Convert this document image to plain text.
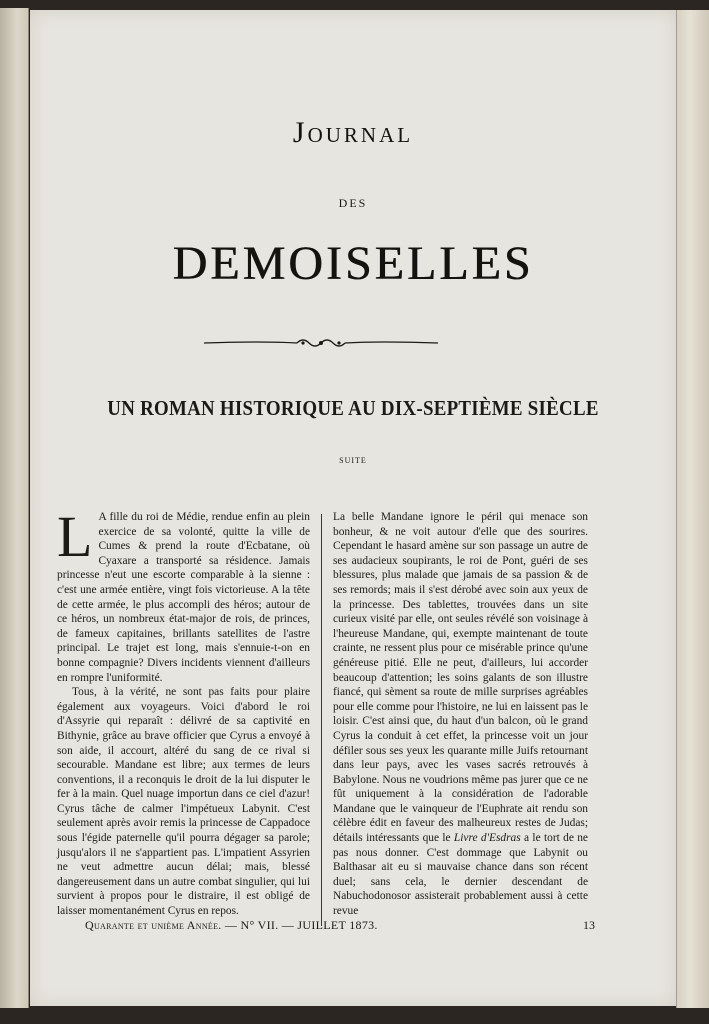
Journal
DES
DEMOISELLES
UN ROMAN HISTORIQUE AU DIX-SEPTIÈME SIÈCLE
SUITE

L A fille du roi de Médie, rendue enfin au plein exercice de sa volonté, quitte la ville de Cumes & prend la route d'Ecbatane, où Cyaxare a transporté sa résidence. Jamais princesse n'eut une escorte comparable à la sienne : c'est une armée entière, vingt fois victorieuse. A la tête de cette armée, le plus accompli des héros; autour de ce héros, un nombreux état-major de rois, de princes, de fameux capitaines, brillants satellites de l'astre principal. Le trajet est long, mais s'ennuie-t-on en bonne compagnie? Divers incidents viennent d'ailleurs en rompre l'uniformité.

Tous, à la vérité, ne sont pas faits pour plaire également aux voyageurs. Voici d'abord le roi d'Assyrie qui reparaît : délivré de sa captivité en Bithynie, grâce au brave officier que Cyrus a envoyé à son aide, il accourt, altéré du sang de ce rival si secourable. Mandane est libre; aux termes de leurs conventions, il a reconquis le droit de la lui disputer le fer à la main. Quel nuage importun dans ce ciel d'azur! Cyrus tâche de calmer l'impétueux Labynit. C'est seulement après avoir remis la princesse de Cappadoce sous l'égide paternelle qu'il pourra dégager sa parole; jusqu'alors il ne s'appartient pas. L'impatient Assyrien ne veut admettre aucun délai; mais, blessé dangereusement dans un autre combat singulier, qui lui survient à propos pour le distraire, il est obligé de laisser momentanément Cyrus en repos.

La belle Mandane ignore le péril qui menace son bonheur, & ne voit autour d'elle que des sourires. Cependant le hasard amène sur son passage un autre de ses audacieux soupirants, le roi de Pont, guéri de ses blessures, plus malade que jamais de sa passion & de ses remords; mais il s'est dérobé avec soin aux yeux de la princesse. Des tablettes, trouvées dans un site curieux visité par elle, ont seules révélé son voisinage à l'heureuse Mandane, qui, exempte maintenant de toute crainte, ne ressent plus pour ce misérable prince qu'une généreuse pitié. Elle ne peut, d'ailleurs, lui accorder beaucoup d'attention; les soins galants de son illustre fiancé, qui sèment sa route de mille surprises agréables pour elle comme pour l'histoire, ne lui en laissent pas le loisir. C'est ainsi que, du haut d'un balcon, où le grand Cyrus la conduit à cet effet, la princesse voit un jour défiler sous ses yeux les quarante mille Juifs retournant dans leur pays, avec les vases sacrés retrouvés à Babylone. Nous ne voudrions même pas jurer que ce ne fût uniquement à la considération de l'adorable Mandane que le vainqueur de l'Euphrate ait rendu son célèbre édit en faveur des malheureux restes de Judas; détails intéressants que le Livre d'Esdras a le tort de ne pas nous donner. C'est dommage que Labynit ou Balthasar ait eu si mauvaise chance dans son récent duel; sans cela, le dernier descendant de Nabuchodonosor assisterait probablement aussi à cette revue

Quarante et unième Année. — N° VII. — JUILLET 1873.	13
